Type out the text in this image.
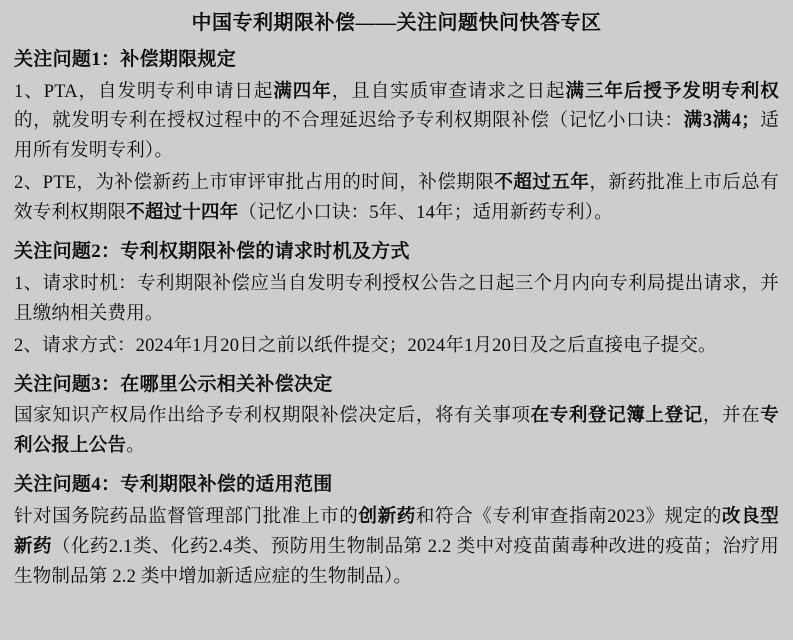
中国专利期限补偿——关注问题快问快答专区
关注问题1：补偿期限规定

1、PTA，自发明专利申请日起满四年，且自实质审查请求之日起满三年后授予发明专利权的，就发明专利在授权过程中的不合理延迟给予专利权期限补偿（记忆小口诀：满3满4；适用所有发明专利）。

2、PTE，为补偿新药上市审评审批占用的时间，补偿期限不超过五年，新药批准上市后总有效专利权期限不超过十四年（记忆小口诀：5年、14年；适用新药专利）。

关注问题2：专利权期限补偿的请求时机及方式

1、请求时机：专利期限补偿应当自发明专利授权公告之日起三个月内向专利局提出请求，并且缴纳相关费用。

2、请求方式：2024年1月20日之前以纸件提交；2024年1月20日及之后直接电子提交。

关注问题3：在哪里公示相关补偿决定

国家知识产权局作出给予专利权期限补偿决定后，将有关事项在专利登记簿上登记，并在专利公报上公告。

关注问题4：专利期限补偿的适用范围

针对国务院药品监督管理部门批准上市的创新药和符合《专利审查指南2023》规定的改良型新药（化药2.1类、化药2.4类、预防用生物制品第 2.2 类中对疫苗菌毒种改进的疫苗；治疗用生物制品第 2.2 类中增加新适应症的生物制品）。
